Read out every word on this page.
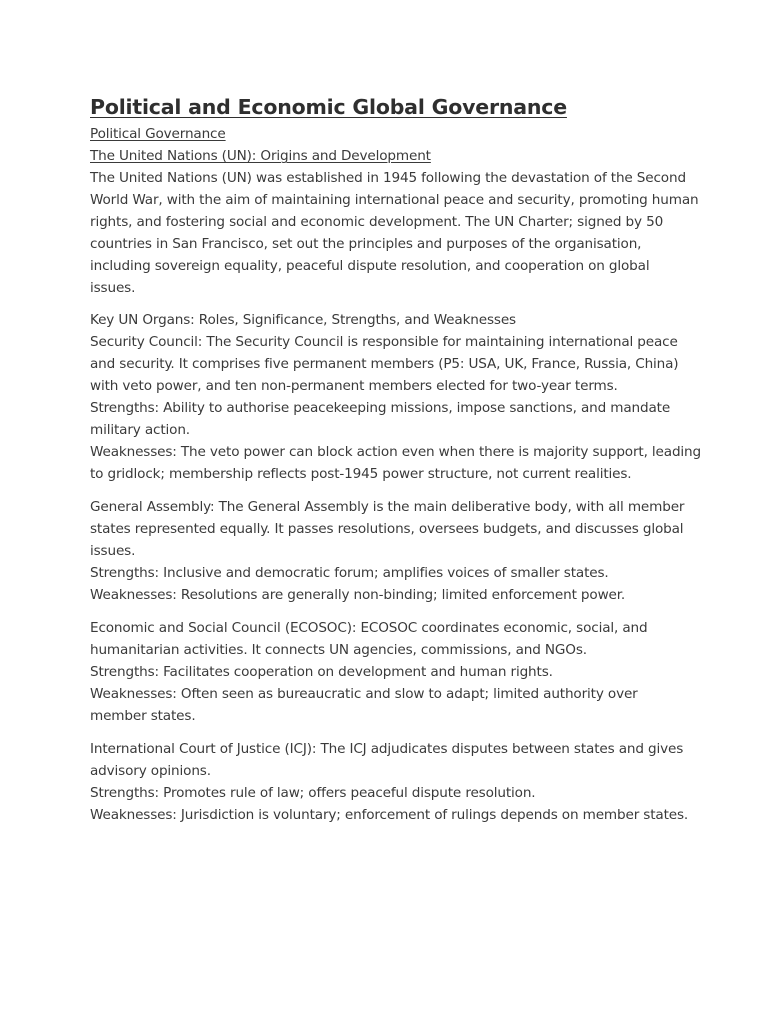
Political and Economic Global Governance
Political Governance
The United Nations (UN): Origins and Development
The United Nations (UN) was established in 1945 following the devastation of the Second
World War, with the aim of maintaining international peace and security, promoting human
rights, and fostering social and economic development. The UN Charter; signed by 50
countries in San Francisco, set out the principles and purposes of the organisation,
including sovereign equality, peaceful dispute resolution, and cooperation on global
issues.
Key UN Organs: Roles, Significance, Strengths, and Weaknesses
Security Council: The Security Council is responsible for maintaining international peace
and security. It comprises five permanent members (P5: USA, UK, France, Russia, China)
with veto power, and ten non-permanent members elected for two-year terms.
Strengths: Ability to authorise peacekeeping missions, impose sanctions, and mandate
military action.
Weaknesses: The veto power can block action even when there is majority support, leading
to gridlock; membership reflects post-1945 power structure, not current realities.
General Assembly: The General Assembly is the main deliberative body, with all member
states represented equally. It passes resolutions, oversees budgets, and discusses global
issues.
Strengths: Inclusive and democratic forum; amplifies voices of smaller states.
Weaknesses: Resolutions are generally non-binding; limited enforcement power.
Economic and Social Council (ECOSOC): ECOSOC coordinates economic, social, and
humanitarian activities. It connects UN agencies, commissions, and NGOs.
Strengths: Facilitates cooperation on development and human rights.
Weaknesses: Often seen as bureaucratic and slow to adapt; limited authority over
member states.
International Court of Justice (ICJ): The ICJ adjudicates disputes between states and gives
advisory opinions.
Strengths: Promotes rule of law; offers peaceful dispute resolution.
Weaknesses: Jurisdiction is voluntary; enforcement of rulings depends on member states.
